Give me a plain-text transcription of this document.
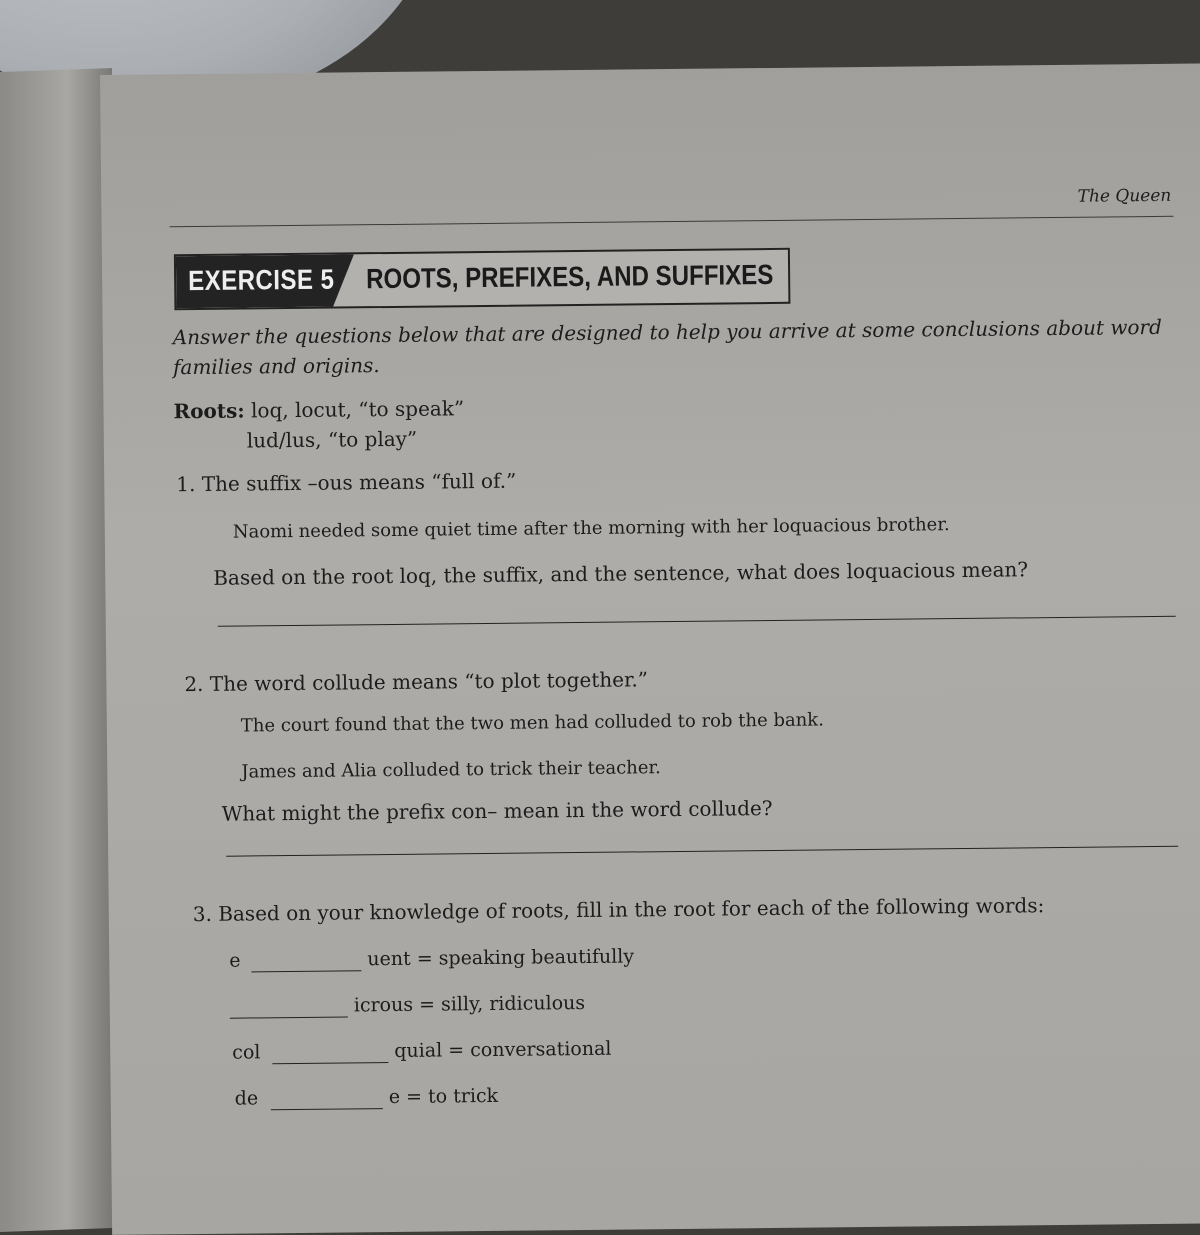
The Queen
EXERCISE 5 ROOTS, PREFIXES, AND SUFFIXES
Answer the questions below that are designed to help you arrive at some conclusions about word families and origins.
Roots: loq, locut, “to speak”
lud/lus, “to play”
1. The suffix –ous means “full of.”
Naomi needed some quiet time after the morning with her loquacious brother.
Based on the root loq, the suffix, and the sentence, what does loquacious mean?
2. The word collude means “to plot together.”
The court found that the two men had colluded to rob the bank.
James and Alia colluded to trick their teacher.
What might the prefix con– mean in the word collude?
3. Based on your knowledge of roots, fill in the root for each of the following words:
e	uent = speaking beautifully
icrous = silly, ridiculous
col	quial = conversational
de	e = to trick
